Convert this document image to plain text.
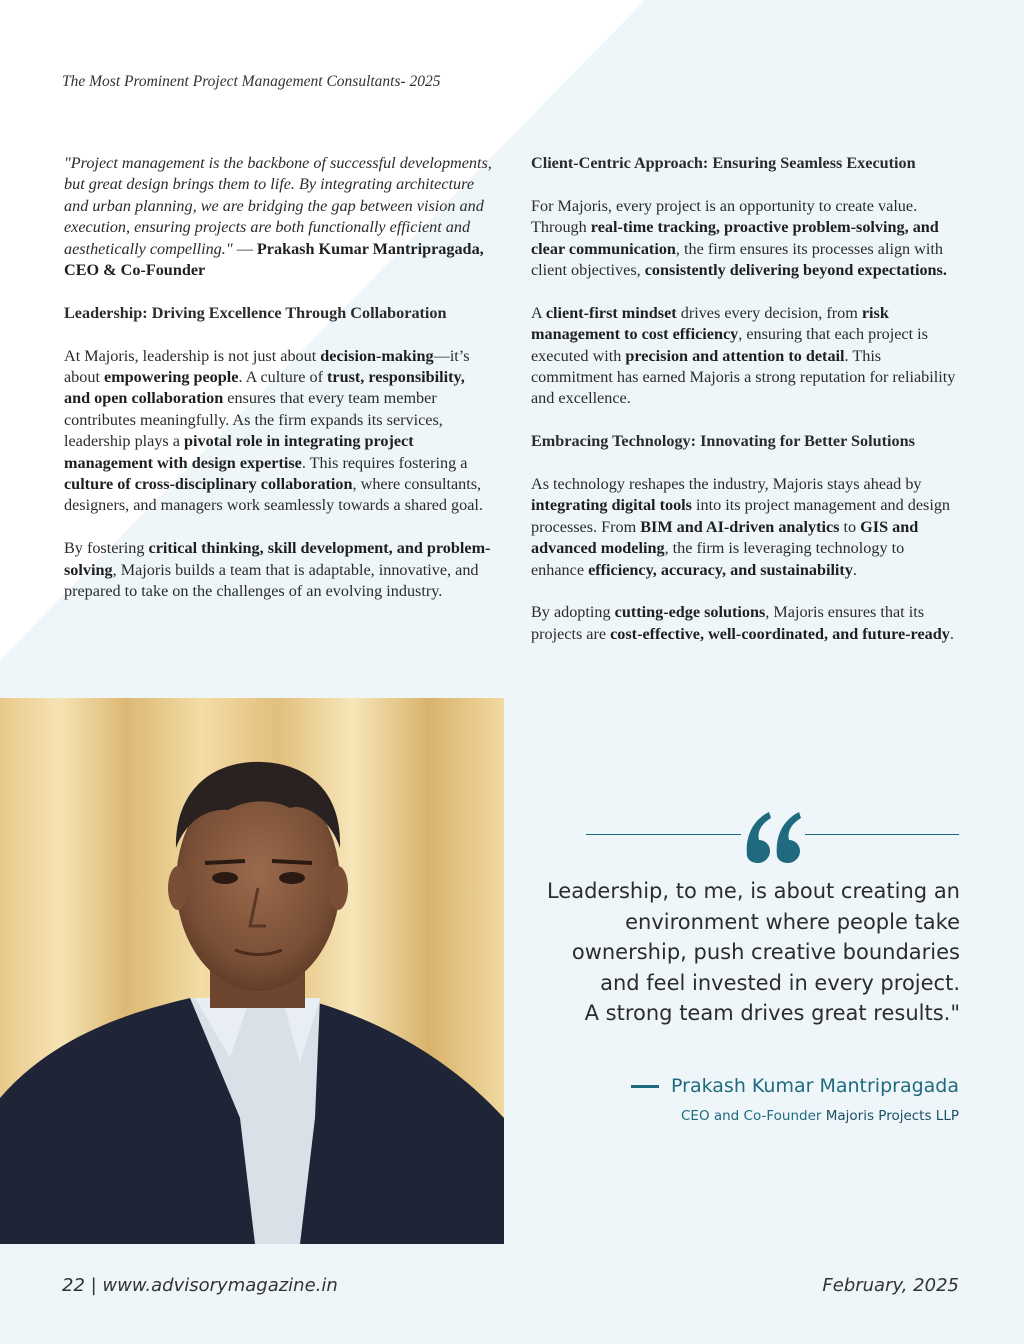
The Most Prominent Project Management Consultants- 2025

"Project management is the backbone of successful developments, but great design brings them to life. By integrating architecture and urban planning, we are bridging the gap between vision and execution, ensuring projects are both functionally efficient and aesthetically compelling." — Prakash Kumar Mantripragada, CEO & Co-Founder

Leadership: Driving Excellence Through Collaboration

At Majoris, leadership is not just about decision-making—it’s about empowering people. A culture of trust, responsibility, and open collaboration ensures that every team member contributes meaningfully. As the firm expands its services, leadership plays a pivotal role in integrating project management with design expertise. This requires fostering a culture of cross-disciplinary collaboration, where consultants, designers, and managers work seamlessly towards a shared goal.

By fostering critical thinking, skill development, and problem-solving, Majoris builds a team that is adaptable, innovative, and prepared to take on the challenges of an evolving industry.

Client-Centric Approach: Ensuring Seamless Execution

For Majoris, every project is an opportunity to create value. Through real-time tracking, proactive problem-solving, and clear communication, the firm ensures its processes align with client objectives, consistently delivering beyond expectations.

A client-first mindset drives every decision, from risk management to cost efficiency, ensuring that each project is executed with precision and attention to detail. This commitment has earned Majoris a strong reputation for reliability and excellence.

Embracing Technology: Innovating for Better Solutions

As technology reshapes the industry, Majoris stays ahead by integrating digital tools into its project management and design processes. From BIM and AI-driven analytics to GIS and advanced modeling, the firm is leveraging technology to enhance efficiency, accuracy, and sustainability.

By adopting cutting-edge solutions, Majoris ensures that its projects are cost-effective, well-coordinated, and future-ready.

Leadership, to me, is about creating an
environment where people take
ownership, push creative boundaries
and feel invested in every project.
A strong team drives great results."
Prakash Kumar Mantripragada
CEO and Co-Founder Majoris Projects LLP
22 | www.advisorymagazine.in	February, 2025
